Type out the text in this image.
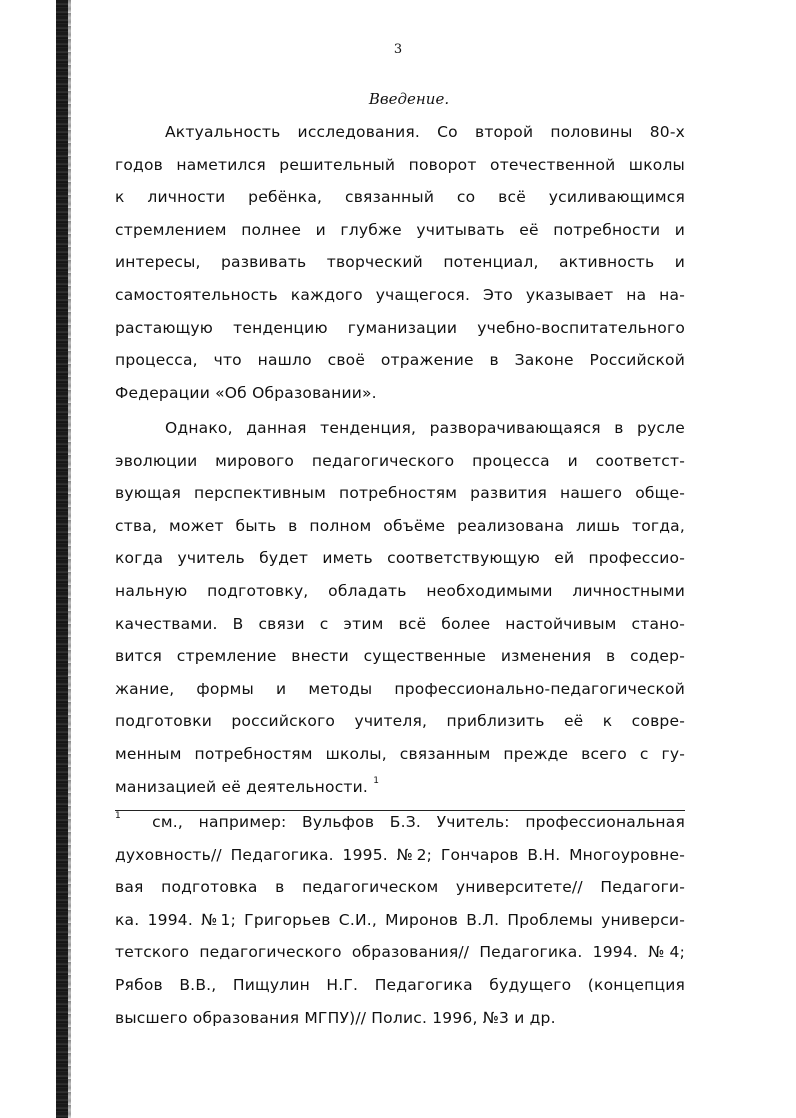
3
Введение.
Актуальность исследования. Со второй половины 80-х
годов наметился решительный поворот отечественной школы
к личности ребёнка, связанный со всё усиливающимся
стремлением полнее и глубже учитывать её потребности и
интересы, развивать творческий потенциал, активность и
самостоятельность каждого учащегося. Это указывает на на-
растающую тенденцию гуманизации учебно-воспитательного
процесса, что нашло своё отражение в Законе Российской
Федерации «Об Образовании».
Однако, данная тенденция, разворачивающаяся в русле
эволюции мирового педагогического процесса и соответст-
вующая перспективным потребностям развития нашего обще-
ства, может быть в полном объёме реализована лишь тогда,
когда учитель будет иметь соответствующую ей профессио-
нальную подготовку, обладать необходимыми личностными
качествами. В связи с этим всё более настойчивым стано-
вится стремление внести существенные изменения в содер-
жание, формы и методы профессионально-педагогической
подготовки российского учителя, приблизить её к совре-
менным потребностям школы, связанным прежде всего с гу-
манизацией её деятельности. $^1$
$^1$ см., например: Вульфов Б.З. Учитель: профессиональная
духовность// Педагогика. 1995. №2; Гончаров В.Н. Многоуровне-
вая подготовка в педагогическом университете// Педагоги-
ка. 1994. №1; Григорьев С.И., Миронов В.Л. Проблемы универси-
тетского педагогического образования// Педагогика. 1994. №4;
Рябов В.В., Пищулин Н.Г. Педагогика будущего (концепция
высшего образования МГПУ)// Полис. 1996, №3 и др.
